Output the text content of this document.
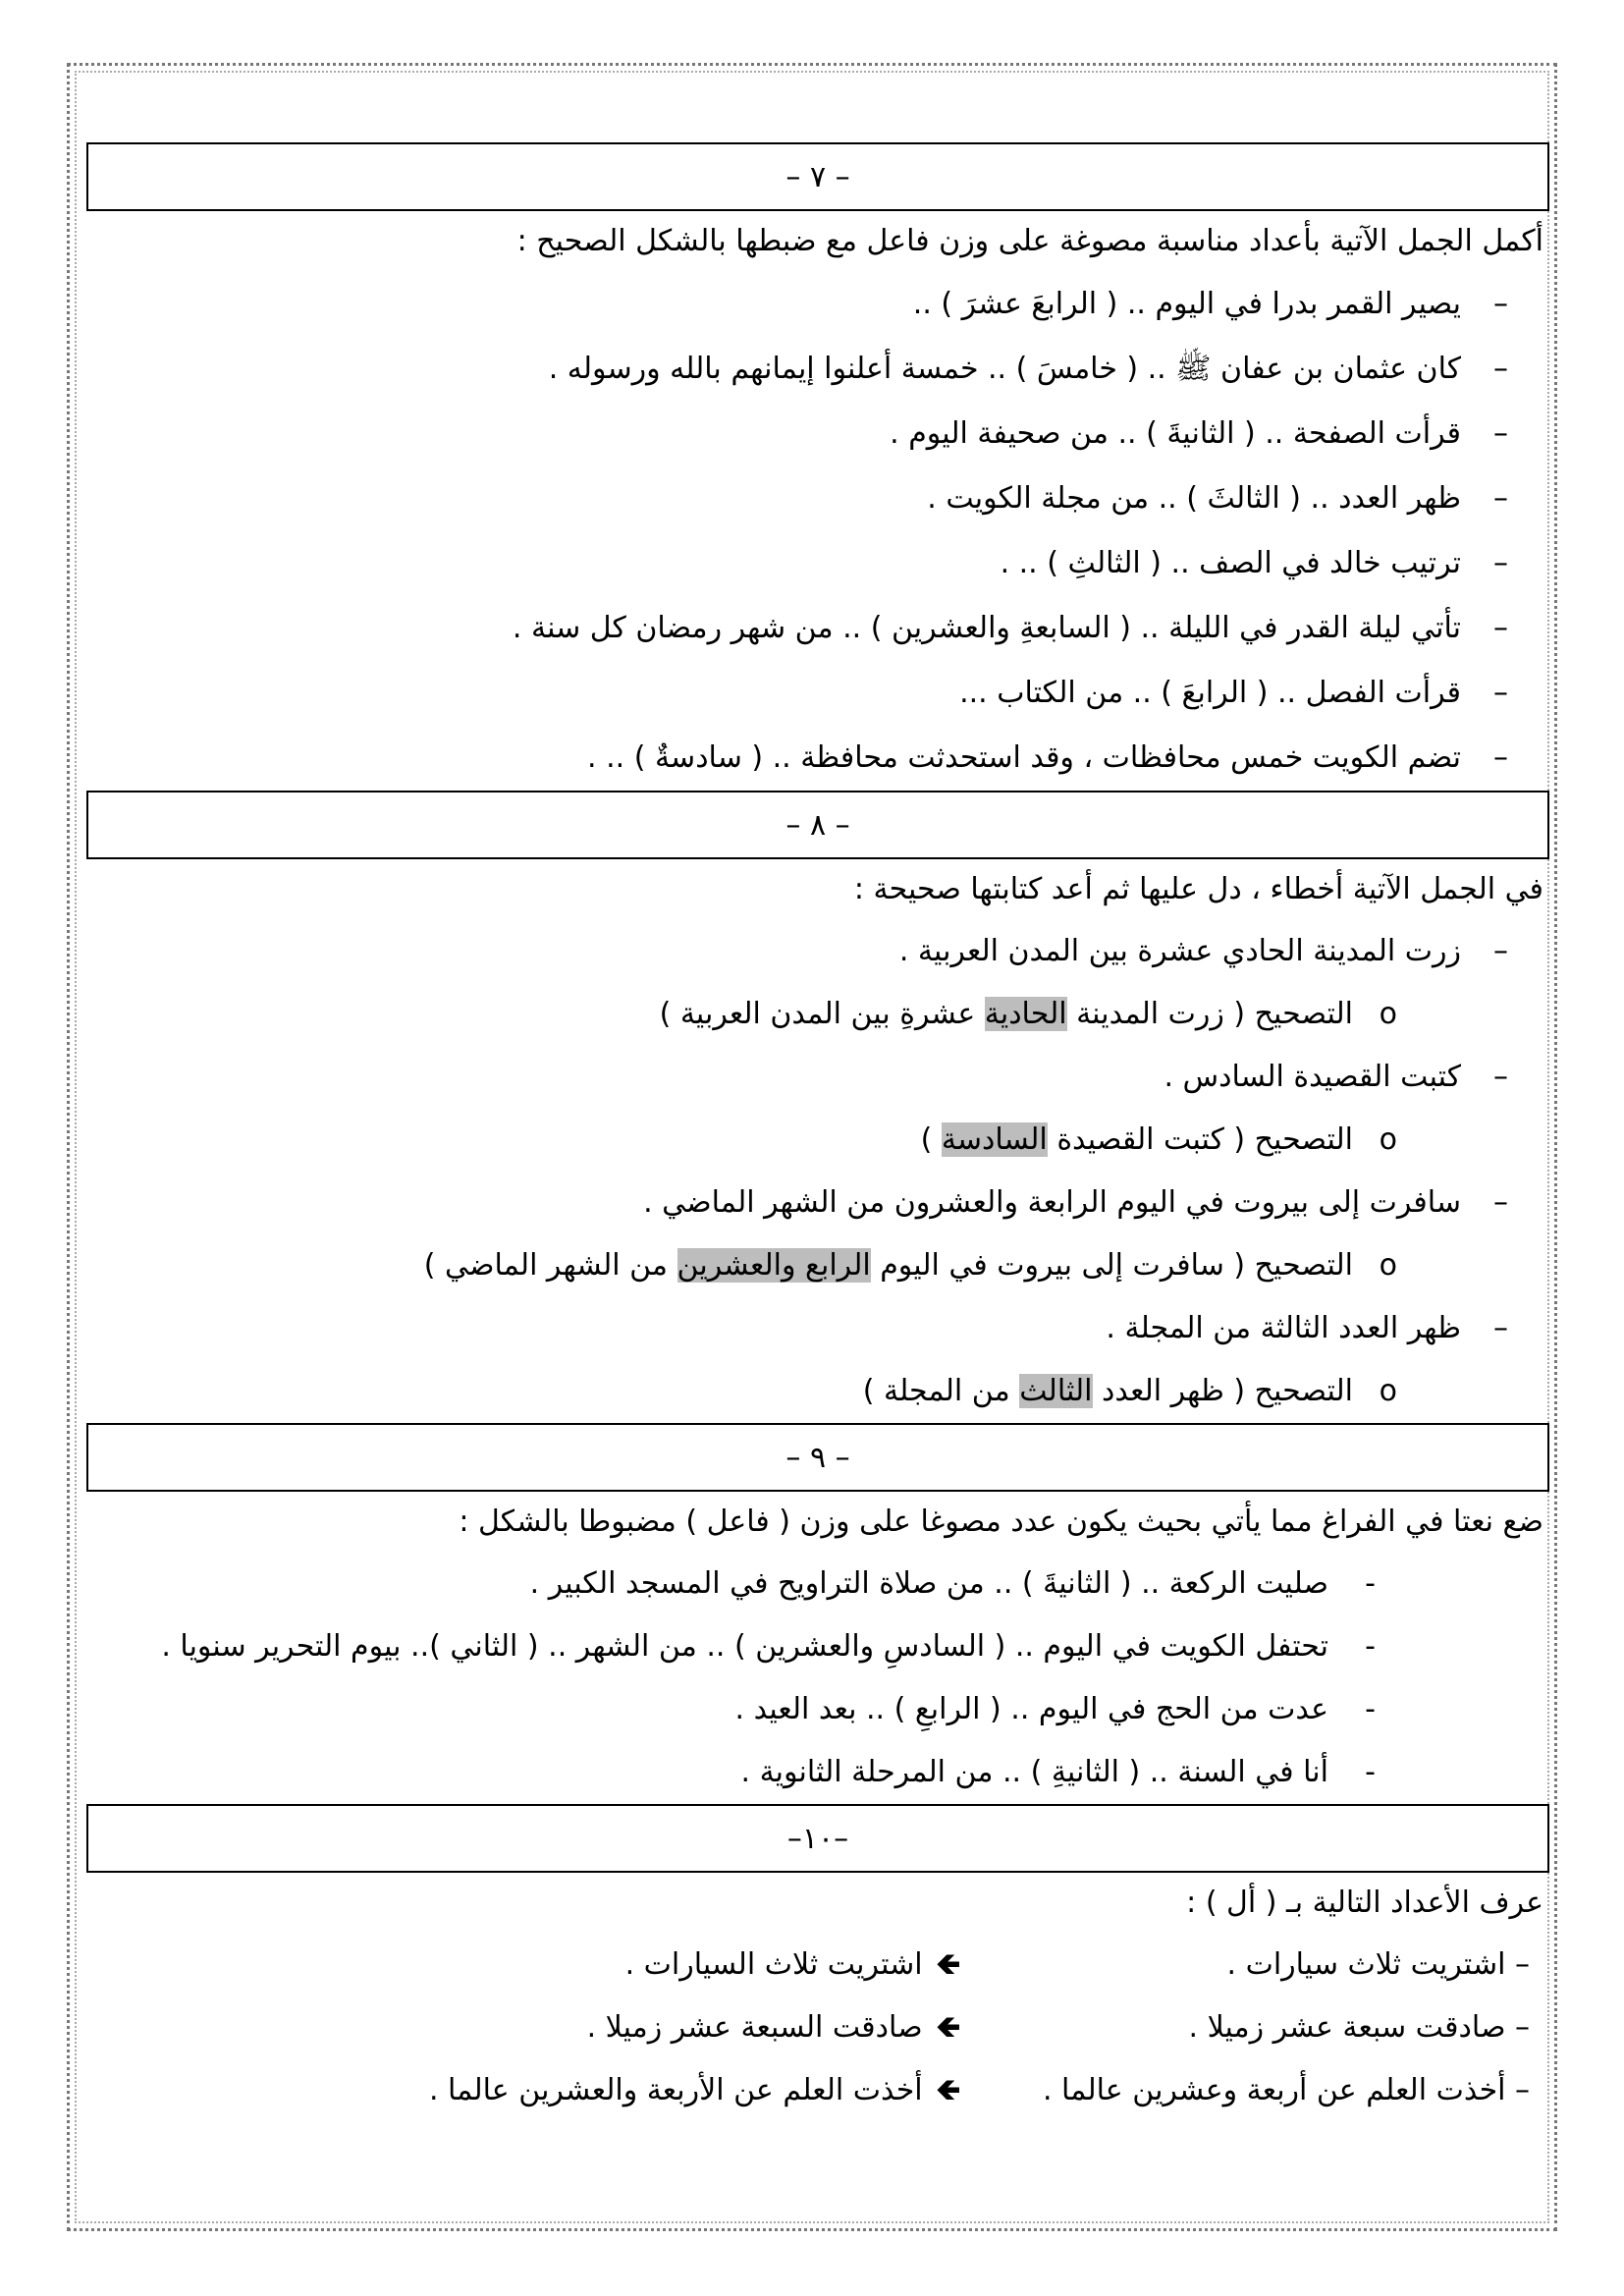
– ٧ –
أكمل الجمل الآتية بأعداد مناسبة مصوغة على وزن فاعل مع ضبطها بالشكل الصحيح :
–
يصير القمر بدرا في اليوم .. ( الرابعَ عشرَ ) ..
–
كان عثمان بن عفان ﷺ .. ( خامسَ ) .. خمسة أعلنوا إيمانهم بالله ورسوله .
–
قرأت الصفحة .. ( الثانيةَ ) .. من صحيفة اليوم .
–
ظهر العدد .. ( الثالثَ ) .. من مجلة الكويت .
–
ترتيب خالد في الصف .. ( الثالثِ ) .. .
–
تأتي ليلة القدر في الليلة .. ( السابعةِ والعشرين ) .. من شهر رمضان كل سنة .
–
قرأت الفصل .. ( الرابعَ ) .. من الكتاب ...
–
تضم الكويت خمس محافظات ، وقد استحدثت محافظة .. ( سادسةٌ ) .. .
– ٨ –
في الجمل الآتية أخطاء ، دل عليها ثم أعد كتابتها صحيحة :
–
زرت المدينة الحادي عشرة بين المدن العربية .
o
التصحيح ( زرت المدينة الحادية عشرةِ بين المدن العربية )
–
كتبت القصيدة السادس .
o
التصحيح ( كتبت القصيدة السادسة )
–
سافرت إلى بيروت في اليوم الرابعة والعشرون من الشهر الماضي .
o
التصحيح ( سافرت إلى بيروت في اليوم الرابع والعشرين من الشهر الماضي )
–
ظهر العدد الثالثة من المجلة .
o
التصحيح ( ظهر العدد الثالث من المجلة )
– ٩ –
ضع نعتا في الفراغ مما يأتي بحيث يكون عدد مصوغا على وزن ( فاعل ) مضبوطا بالشكل :
-
صليت الركعة .. ( الثانيةَ ) .. من صلاة التراويح في المسجد الكبير .
-
تحتفل الكويت في اليوم .. ( السادسِ والعشرين ) .. من الشهر .. ( الثاني ).. بيوم التحرير سنويا .
-
عدت من الحج في اليوم .. ( الرابعِ ) .. بعد العيد .
-
أنا في السنة .. ( الثانيةِ ) .. من المرحلة الثانوية .
–١٠–
عرف الأعداد التالية بـ ( أل ) :
– اشتريت ثلاث سيارات .
🡸اشتريت ثلاث السيارات .
– صادقت سبعة عشر زميلا .
🡸صادقت السبعة عشر زميلا .
– أخذت العلم عن أربعة وعشرين عالما .
🡸أخذت العلم عن الأربعة والعشرين عالما .
